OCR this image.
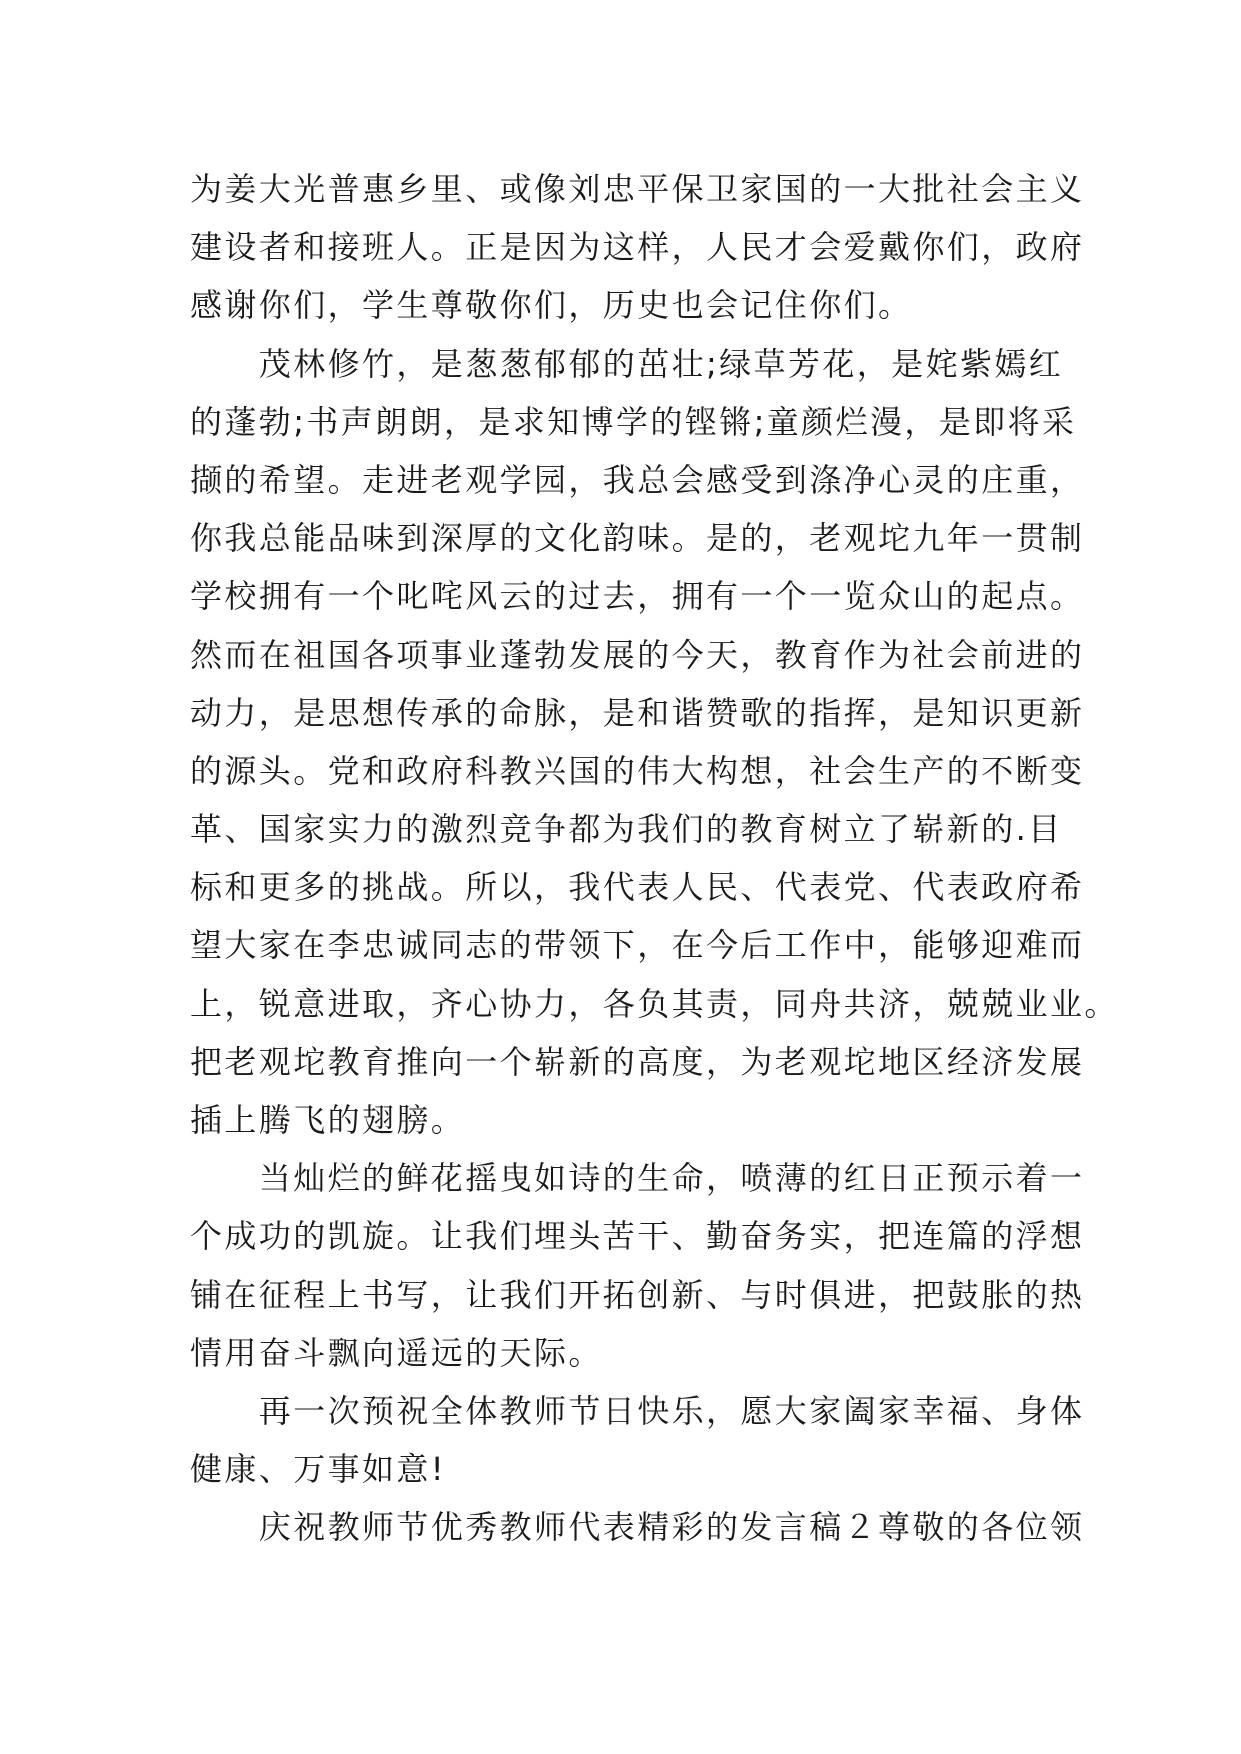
为姜大光普惠乡里、或像刘忠平保卫家国的一大批社会主义
建设者和接班人。正是因为这样，人民才会爱戴你们，政府
感谢你们，学生尊敬你们，历史也会记住你们。
　　茂林修竹，是葱葱郁郁的茁壮;绿草芳花，是姹紫嫣红
的蓬勃;书声朗朗，是求知博学的铿锵;童颜烂漫，是即将采
撷的希望。走进老观学园，我总会感受到涤净心灵的庄重，
你我总能品味到深厚的文化韵味。是的，老观坨九年一贯制
学校拥有一个叱咤风云的过去，拥有一个一览众山的起点。
然而在祖国各项事业蓬勃发展的今天，教育作为社会前进的
动力，是思想传承的命脉，是和谐赞歌的指挥，是知识更新
的源头。党和政府科教兴国的伟大构想，社会生产的不断变
革、国家实力的激烈竞争都为我们的教育树立了崭新的.目
标和更多的挑战。所以，我代表人民、代表党、代表政府希
望大家在李忠诚同志的带领下，在今后工作中，能够迎难而
上，锐意进取，齐心协力，各负其责，同舟共济，兢兢业业。
把老观坨教育推向一个崭新的高度，为老观坨地区经济发展
插上腾飞的翅膀。
　　当灿烂的鲜花摇曳如诗的生命，喷薄的红日正预示着一
个成功的凯旋。让我们埋头苦干、勤奋务实，把连篇的浮想
铺在征程上书写，让我们开拓创新、与时俱进，把鼓胀的热
情用奋斗飘向遥远的天际。
　　再一次预祝全体教师节日快乐，愿大家阖家幸福、身体
健康、万事如意!
　　庆祝教师节优秀教师代表精彩的发言稿２尊敬的各位领
